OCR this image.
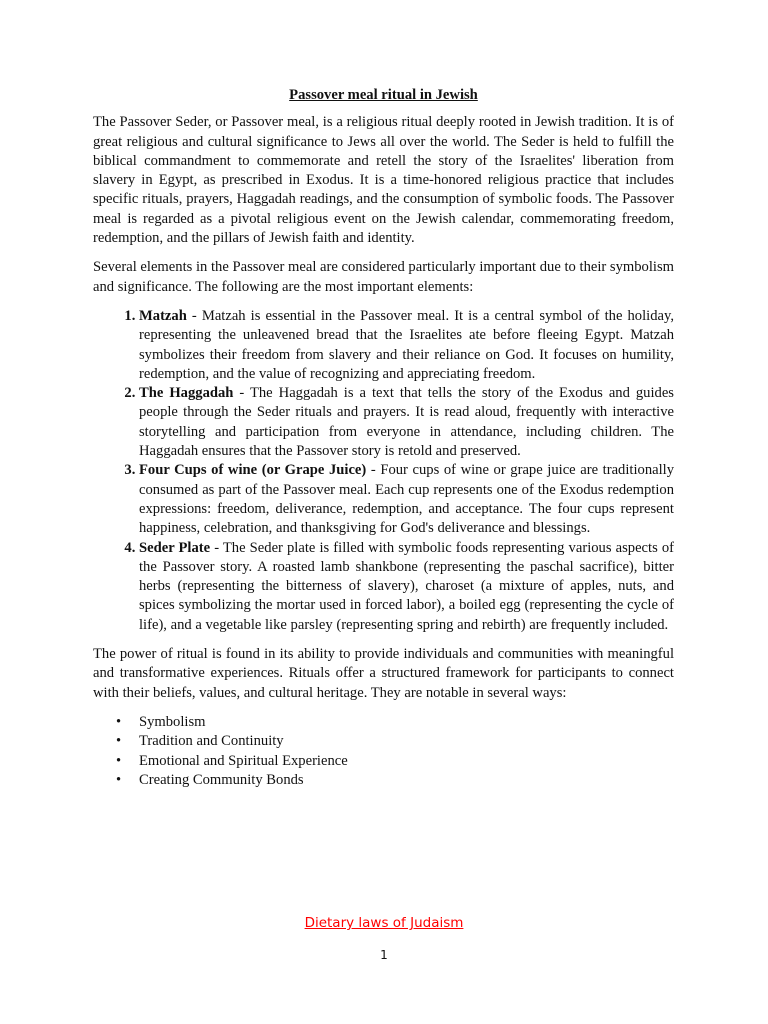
Passover meal ritual in Jewish

The Passover Seder, or Passover meal, is a religious ritual deeply rooted in Jewish tradition. It is of great religious and cultural significance to Jews all over the world. The Seder is held to fulfill the biblical commandment to commemorate and retell the story of the Israelites' liberation from slavery in Egypt, as prescribed in Exodus. It is a time-honored religious practice that includes specific rituals, prayers, Haggadah readings, and the consumption of symbolic foods. The Passover meal is regarded as a pivotal religious event on the Jewish calendar, commemorating freedom, redemption, and the pillars of Jewish faith and identity.

Several elements in the Passover meal are considered particularly important due to their symbolism and significance. The following are the most important elements:

1. Matzah - Matzah is essential in the Passover meal. It is a central symbol of the holiday, representing the unleavened bread that the Israelites ate before fleeing Egypt. Matzah symbolizes their freedom from slavery and their reliance on God. It focuses on humility, redemption, and the value of recognizing and appreciating freedom.
2. The Haggadah - The Haggadah is a text that tells the story of the Exodus and guides people through the Seder rituals and prayers. It is read aloud, frequently with interactive storytelling and participation from everyone in attendance, including children. The Haggadah ensures that the Passover story is retold and preserved.
3. Four Cups of wine (or Grape Juice) - Four cups of wine or grape juice are traditionally consumed as part of the Passover meal. Each cup represents one of the Exodus redemption expressions: freedom, deliverance, redemption, and acceptance. The four cups represent happiness, celebration, and thanksgiving for God's deliverance and blessings.
4. Seder Plate - The Seder plate is filled with symbolic foods representing various aspects of the Passover story. A roasted lamb shankbone (representing the paschal sacrifice), bitter herbs (representing the bitterness of slavery), charoset (a mixture of apples, nuts, and spices symbolizing the mortar used in forced labor), a boiled egg (representing the cycle of life), and a vegetable like parsley (representing spring and rebirth) are frequently included.

The power of ritual is found in its ability to provide individuals and communities with meaningful and transformative experiences. Rituals offer a structured framework for participants to connect with their beliefs, values, and cultural heritage. They are notable in several ways:

• Symbolism
• Tradition and Continuity
• Emotional and Spiritual Experience
• Creating Community Bonds
Dietary laws of Judaism
1
